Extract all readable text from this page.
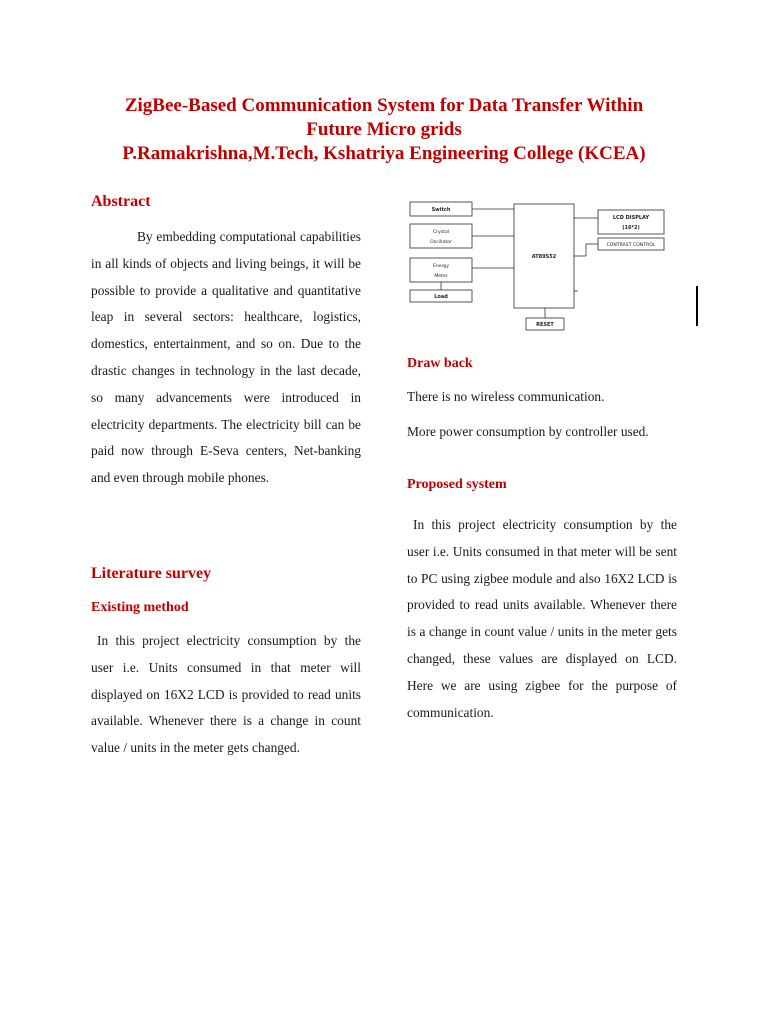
ZigBee-Based Communication System for Data Transfer Within
Future Micro grids
P.Ramakrishna,M.Tech, Kshatriya Engineering College (KCEA)
Abstract

By embedding computational capabilities in all kinds of objects and living beings, it will be possible to provide a qualitative and quantitative leap in several sectors: healthcare, logistics, domestics, entertainment, and so on. Due to the drastic changes in technology in the last decade, so many advancements were introduced in electricity departments. The electricity bill can be paid now through E-Seva centers, Net-banking and even through mobile phones.

Literature survey
Existing method

In this project electricity consumption by the user i.e. Units consumed in that meter will displayed on 16X2 LCD is provided to read units available. Whenever there is a change in count value / units in the meter gets changed.

Switch
Crystal
Oscillator
Energy
Meter
Load
AT89S52
LCD DISPLAY
(16*2)
CONTRAST CONTROL
RESET
Draw back

There is no wireless communication.

More power consumption by controller used.

Proposed system

In this project electricity consumption by the user i.e. Units consumed in that meter will be sent to PC using zigbee module and also 16X2 LCD is provided to read units available. Whenever there is a change in count value / units in the meter gets changed, these values are displayed on LCD. Here we are using zigbee for the purpose of communication.
